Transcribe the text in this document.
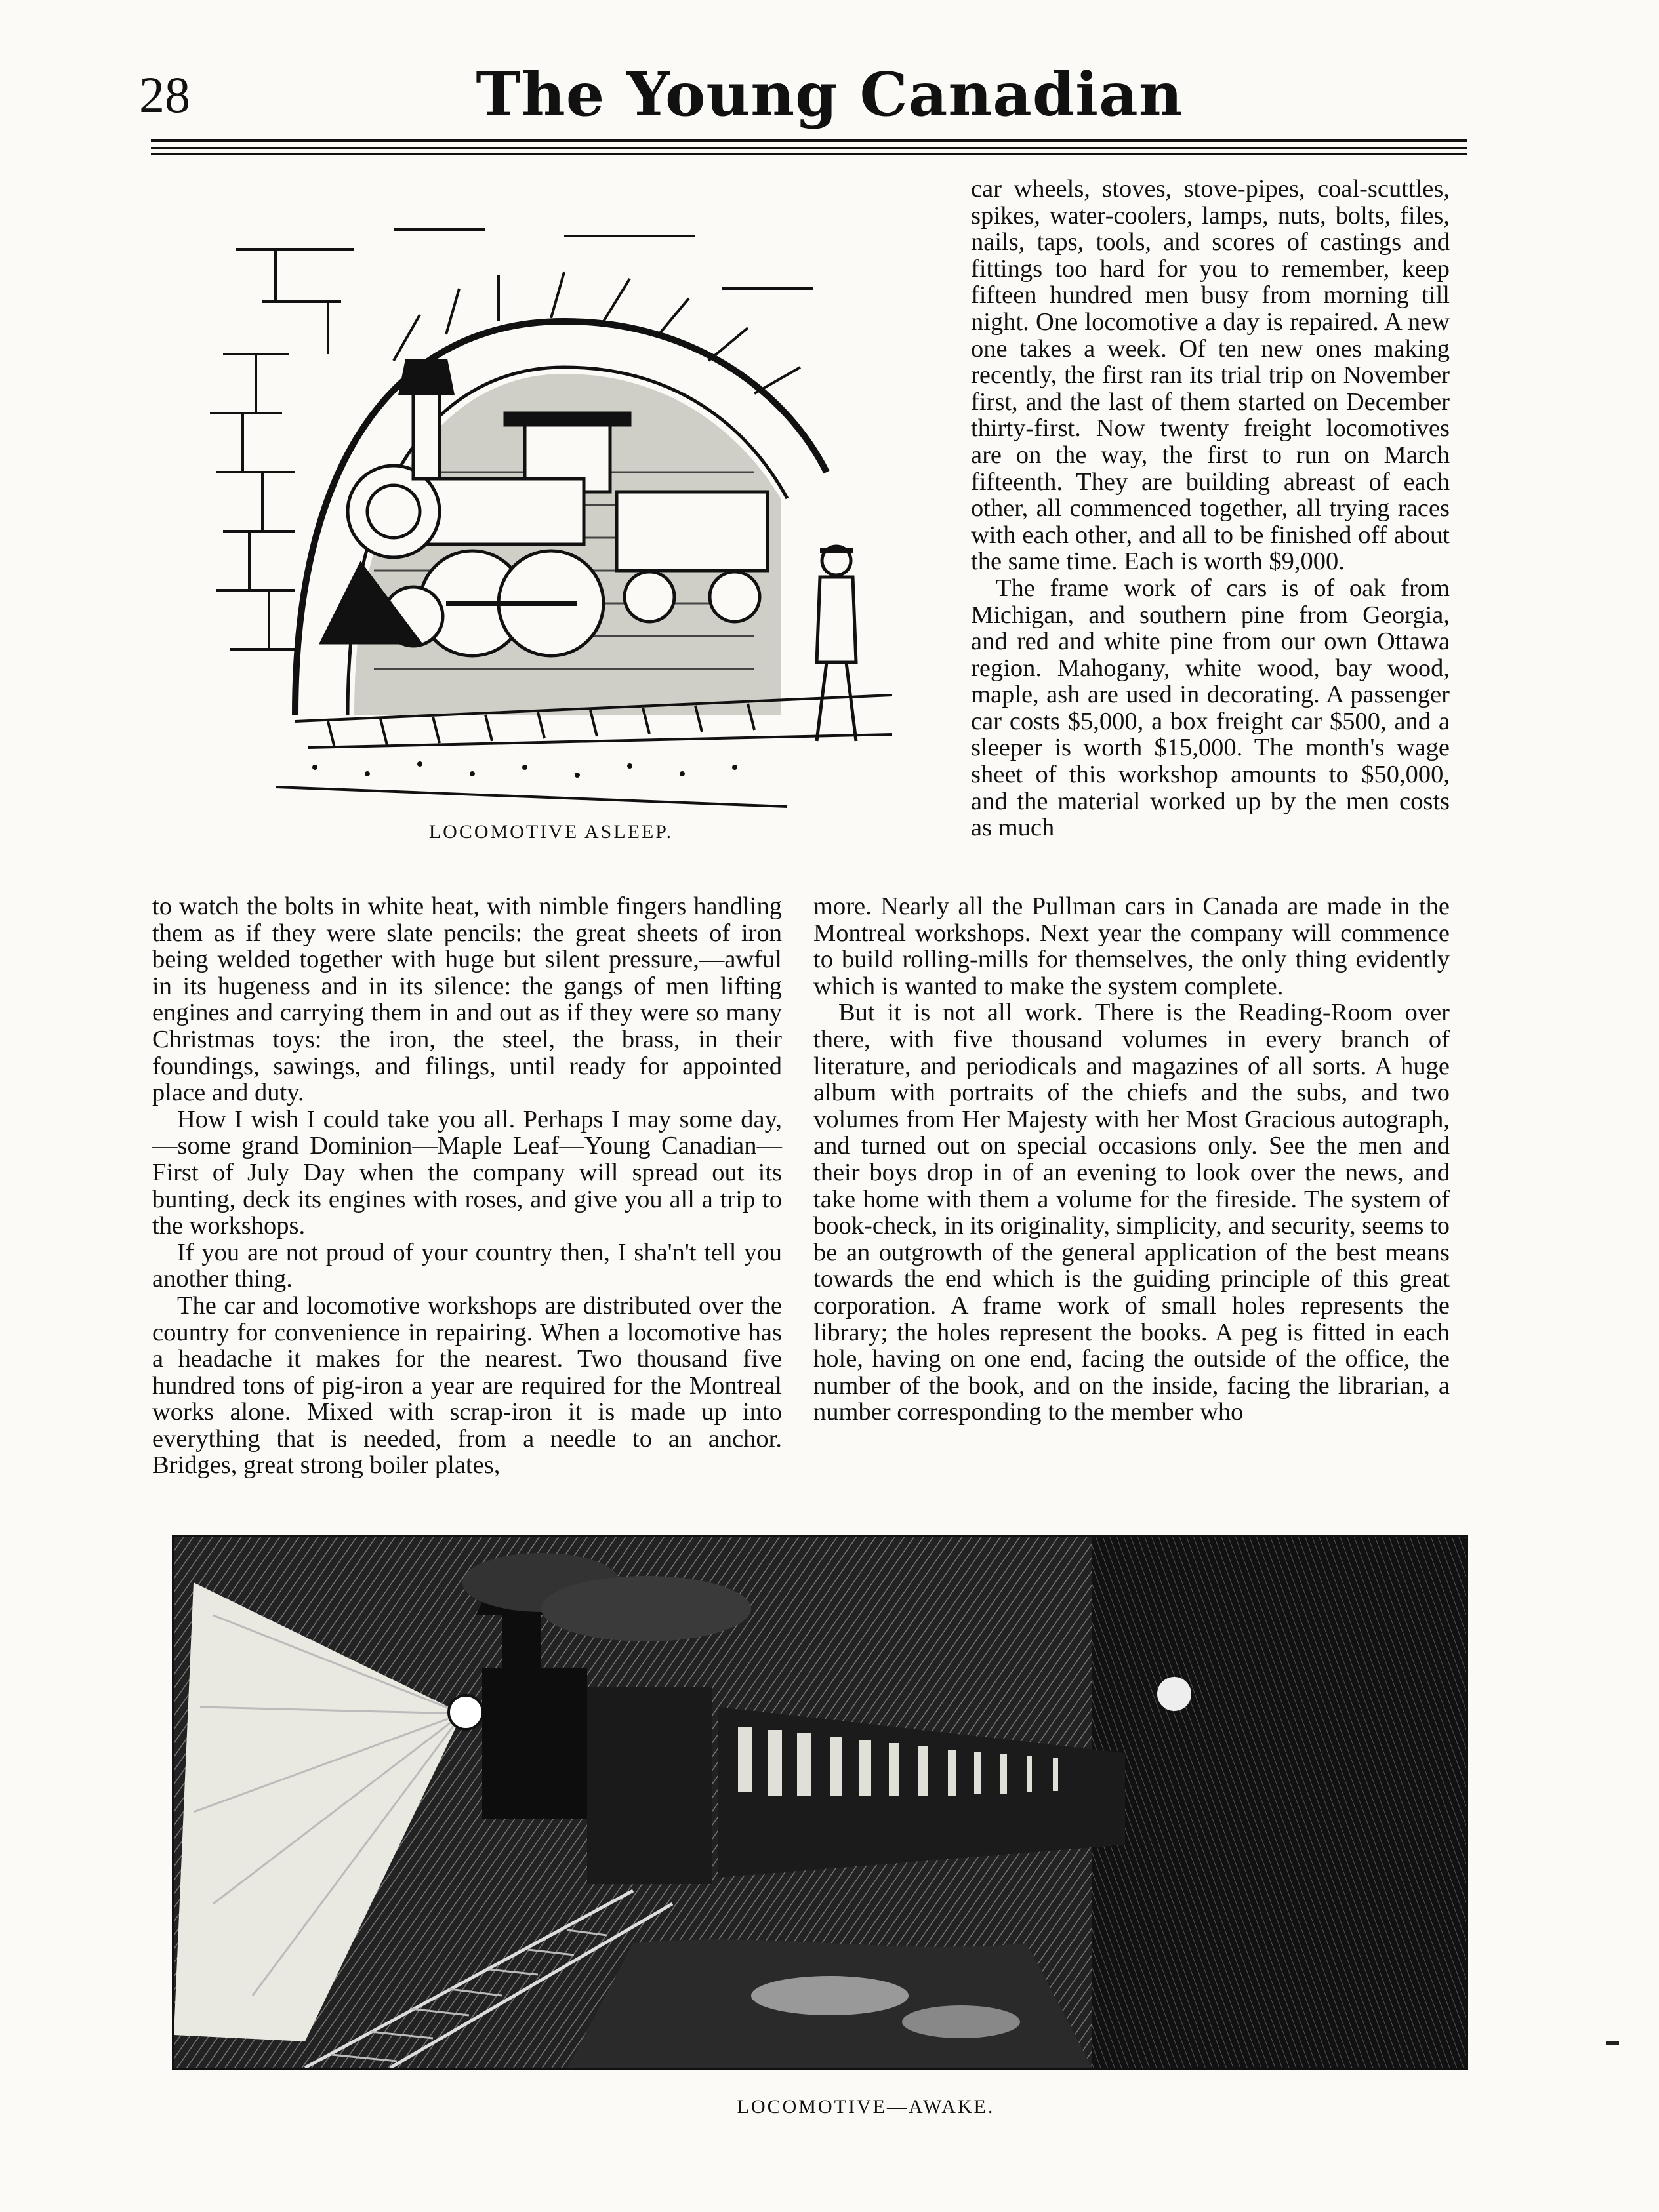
28	The Young Canadian
LOCOMOTIVE ASLEEP.

car wheels, stoves, stove-pipes, coal-scuttles, spikes, water-coolers, lamps, nuts, bolts, files, nails, taps, tools, and scores of castings and fittings too hard for you to remember, keep fifteen hundred men busy from morning till night. One locomotive a day is repaired. A new one takes a week. Of ten new ones making recently, the first ran its trial trip on November first, and the last of them started on December thirty-first. Now twenty freight locomotives are on the way, the first to run on March fifteenth. They are building abreast of each other, all commenced together, all trying races with each other, and all to be finished off about the same time. Each is worth $9,000.

The frame work of cars is of oak from Michigan, and southern pine from Georgia, and red and white pine from our own Ottawa region. Mahogany, white wood, bay wood, maple, ash are used in decorating. A passenger car costs $5,000, a box freight car $500, and a sleeper is worth $15,000. The month's wage sheet of this workshop amounts to $50,000, and the material worked up by the men costs as much

to watch the bolts in white heat, with nimble fingers handling them as if they were slate pencils: the great sheets of iron being welded together with huge but silent pressure,—awful in its hugeness and in its silence: the gangs of men lifting engines and carrying them in and out as if they were so many Christmas toys: the iron, the steel, the brass, in their foundings, sawings, and filings, until ready for appointed place and duty.

How I wish I could take you all. Perhaps I may some day,—some grand Dominion—Maple Leaf—Young Canadian—First of July Day when the company will spread out its bunting, deck its engines with roses, and give you all a trip to the workshops.

If you are not proud of your country then, I sha'n't tell you another thing.

The car and locomotive workshops are distributed over the country for convenience in repairing. When a locomotive has a headache it makes for the nearest. Two thousand five hundred tons of pig-iron a year are required for the Montreal works alone. Mixed with scrap-iron it is made up into everything that is needed, from a needle to an anchor. Bridges, great strong boiler plates,

more. Nearly all the Pullman cars in Canada are made in the Montreal workshops. Next year the company will commence to build rolling-mills for themselves, the only thing evidently which is wanted to make the system complete.

But it is not all work. There is the Reading-Room over there, with five thousand volumes in every branch of literature, and periodicals and magazines of all sorts. A huge album with portraits of the chiefs and the subs, and two volumes from Her Majesty with her Most Gracious autograph, and turned out on special occasions only. See the men and their boys drop in of an evening to look over the news, and take home with them a volume for the fireside. The system of book-check, in its originality, simplicity, and security, seems to be an outgrowth of the general application of the best means towards the end which is the guiding principle of this great corporation. A frame work of small holes represents the library; the holes represent the books. A peg is fitted in each hole, having on one end, facing the outside of the office, the number of the book, and on the inside, facing the librarian, a number corresponding to the member who

LOCOMOTIVE—AWAKE.
